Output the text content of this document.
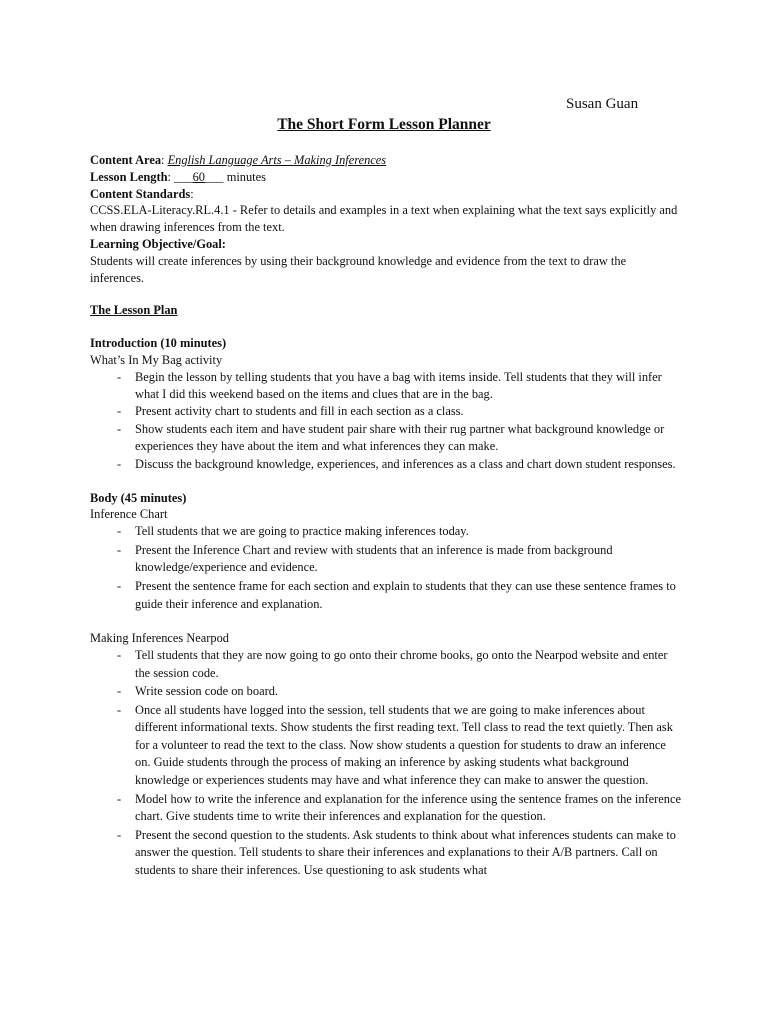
Susan Guan
The Short Form Lesson Planner
Content Area: English Language Arts – Making Inferences
Lesson Length: ___60___ minutes
Content Standards:
CCSS.ELA-Literacy.RL.4.1 - Refer to details and examples in a text when explaining what the text says explicitly and when drawing inferences from the text.
Learning Objective/Goal:
Students will create inferences by using their background knowledge and evidence from the text to draw the inferences.
The Lesson Plan
Introduction (10 minutes)
What’s In My Bag activity
- Begin the lesson by telling students that you have a bag with items inside. Tell students that they will infer what I did this weekend based on the items and clues that are in the bag.
- Present activity chart to students and fill in each section as a class.
- Show students each item and have student pair share with their rug partner what background knowledge or experiences they have about the item and what inferences they can make.
- Discuss the background knowledge, experiences, and inferences as a class and chart down student responses.
Body (45 minutes)
Inference Chart
- Tell students that we are going to practice making inferences today.
- Present the Inference Chart and review with students that an inference is made from background knowledge/experience and evidence.
- Present the sentence frame for each section and explain to students that they can use these sentence frames to guide their inference and explanation.
Making Inferences Nearpod
- Tell students that they are now going to go onto their chrome books, go onto the Nearpod website and enter the session code.
- Write session code on board.
- Once all students have logged into the session, tell students that we are going to make inferences about different informational texts. Show students the first reading text. Tell class to read the text quietly. Then ask for a volunteer to read the text to the class. Now show students a question for students to draw an inference on. Guide students through the process of making an inference by asking students what background knowledge or experiences students may have and what inference they can make to answer the question.
- Model how to write the inference and explanation for the inference using the sentence frames on the inference chart. Give students time to write their inferences and explanation for the question.
- Present the second question to the students. Ask students to think about what inferences students can make to answer the question. Tell students to share their inferences and explanations to their A/B partners. Call on students to share their inferences. Use questioning to ask students what
